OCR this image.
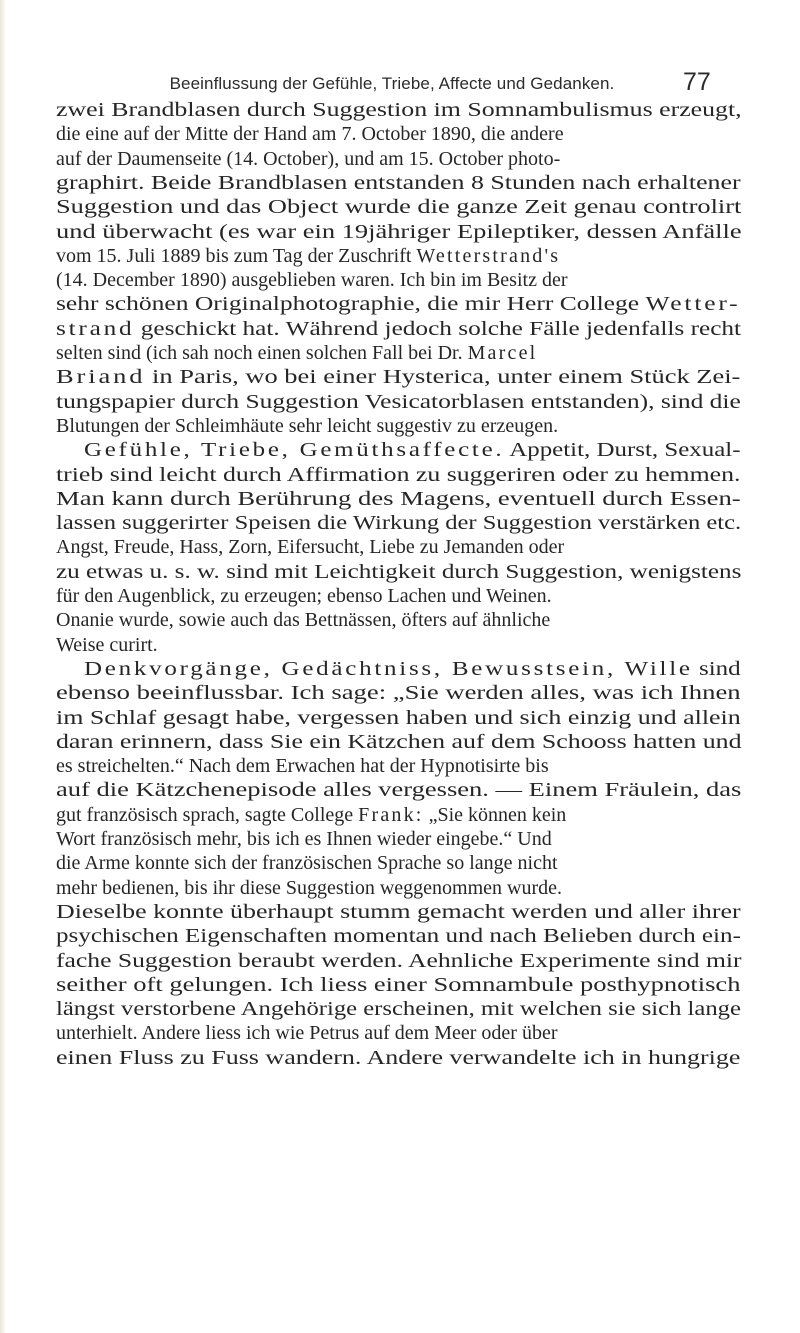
Beeinflussung der Gefühle, Triebe, Affecte und Gedanken.	77
zwei Brandblasen durch Suggestion im Somnambulismus erzeugt,
die eine auf der Mitte der Hand am 7. October 1890, die andere
auf der Daumenseite (14. October), und am 15. October photo-
graphirt. Beide Brandblasen entstanden 8 Stunden nach erhaltener
Suggestion und das Object wurde die ganze Zeit genau controlirt
und überwacht (es war ein 19jähriger Epileptiker, dessen Anfälle
vom 15. Juli 1889 bis zum Tag der Zuschrift Wetterstrand's
(14. December 1890) ausgeblieben waren. Ich bin im Besitz der
sehr schönen Originalphotographie, die mir Herr College Wetter-
strand geschickt hat. Während jedoch solche Fälle jedenfalls recht
selten sind (ich sah noch einen solchen Fall bei Dr. Marcel
Briand in Paris, wo bei einer Hysterica, unter einem Stück Zei-
tungspapier durch Suggestion Vesicatorblasen entstanden), sind die
Blutungen der Schleimhäute sehr leicht suggestiv zu erzeugen.
Gefühle, Triebe, Gemüthsaffecte. Appetit, Durst, Sexual-
trieb sind leicht durch Affirmation zu suggeriren oder zu hemmen.
Man kann durch Berührung des Magens, eventuell durch Essen-
lassen suggerirter Speisen die Wirkung der Suggestion verstärken etc.
Angst, Freude, Hass, Zorn, Eifersucht, Liebe zu Jemanden oder
zu etwas u. s. w. sind mit Leichtigkeit durch Suggestion, wenigstens
für den Augenblick, zu erzeugen; ebenso Lachen und Weinen.
Onanie wurde, sowie auch das Bettnässen, öfters auf ähnliche
Weise curirt.
Denkvorgänge, Gedächtniss, Bewusstsein, Wille sind
ebenso beeinflussbar. Ich sage: „Sie werden alles, was ich Ihnen
im Schlaf gesagt habe, vergessen haben und sich einzig und allein
daran erinnern, dass Sie ein Kätzchen auf dem Schooss hatten und
es streichelten.“ Nach dem Erwachen hat der Hypnotisirte bis
auf die Kätzchenepisode alles vergessen. — Einem Fräulein, das
gut französisch sprach, sagte College Frank: „Sie können kein
Wort französisch mehr, bis ich es Ihnen wieder eingebe.“ Und
die Arme konnte sich der französischen Sprache so lange nicht
mehr bedienen, bis ihr diese Suggestion weggenommen wurde.
Dieselbe konnte überhaupt stumm gemacht werden und aller ihrer
psychischen Eigenschaften momentan und nach Belieben durch ein-
fache Suggestion beraubt werden. Aehnliche Experimente sind mir
seither oft gelungen. Ich liess einer Somnambule posthypnotisch
längst verstorbene Angehörige erscheinen, mit welchen sie sich lange
unterhielt. Andere liess ich wie Petrus auf dem Meer oder über
einen Fluss zu Fuss wandern. Andere verwandelte ich in hungrige
